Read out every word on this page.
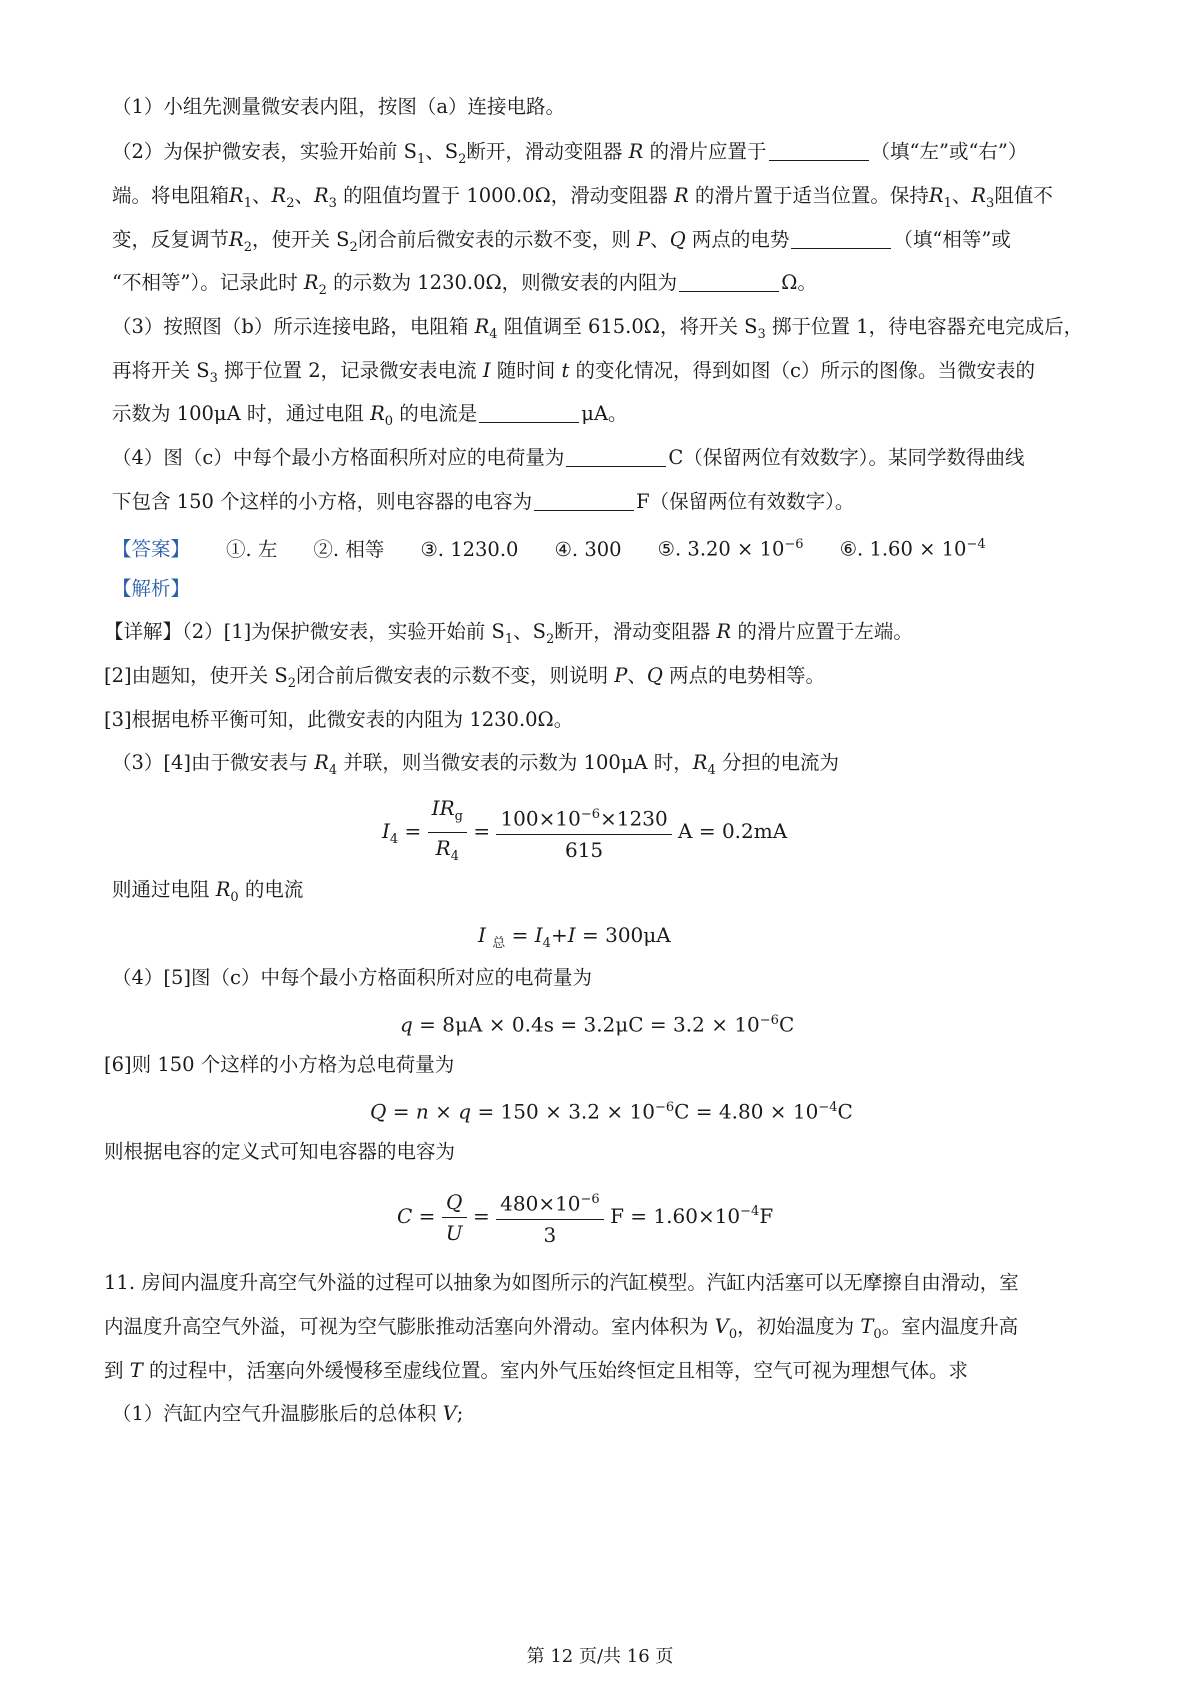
（1）小组先测量微安表内阻，按图（a）连接电路。
（2）为保护微安表，实验开始前 $S_1$、$S_2$断开，滑动变阻器 R 的滑片应置于	（填“左”或“右”）
端。将电阻箱$R_1$、$R_2$、$R_3$ 的阻值均置于 1000.0Ω，滑动变阻器 R 的滑片置于适当位置。保持$R_1$、$R_3$阻值不
变，反复调节$R_2$，使开关 $S_2$闭合前后微安表的示数不变，则 P、Q 两点的电势	（填“相等”或
“不相等”）。记录此时 $R_2$ 的示数为 1230.0Ω，则微安表的内阻为	Ω。
（3）按照图（b）所示连接电路，电阻箱 $R_4$ 阻值调至 615.0Ω，将开关 $S_3$ 掷于位置 1，待电容器充电完成后，
再将开关 $S_3$ 掷于位置 2，记录微安表电流 I 随时间 t 的变化情况，得到如图（c）所示的图像。当微安表的
示数为 100μA 时，通过电阻 $R_0$ 的电流是	μA。
（4）图（c）中每个最小方格面积所对应的电荷量为	C（保留两位有效数字）。某同学数得曲线
下包含 150 个这样的小方格，则电容器的电容为	F（保留两位有效数字）。
【答案】 ①. 左 ②. 相等 ③. 1230.0 ④. 300 ⑤. $3.20 \times 10^{-6}$ ⑥. $1.60 \times 10^{-4}$
【解析】
【详解】（2）[1]为保护微安表，实验开始前 $S_1$、$S_2$断开，滑动变阻器 R 的滑片应置于左端。
[2]由题知，使开关 $S_2$闭合前后微安表的示数不变，则说明 P、Q 两点的电势相等。
[3]根据电桥平衡可知，此微安表的内阻为 1230.0Ω。
（3）[4]由于微安表与 $R_4$ 并联，则当微安表的示数为 100μA 时，$R_4$ 分担的电流为
$I_4 = \frac{IR_g}{R_4} = \frac{100\times 10^{-6}\times 1230}{615}$ A = 0.2mA
则通过电阻 $R_0$ 的电流
I $_总 = I_4+I = 300\mu A$
（4）[5]图（c）中每个最小方格面积所对应的电荷量为
$q = 8\mu A \times 0.4s = 3.2\mu C = 3.2 \times 10^{-6}C$
[6]则 150 个这样的小方格为总电荷量为
$Q = n \times q = 150 \times 3.2 \times 10^{-6}C = 4.80 \times 10^{-4}C$
则根据电容的定义式可知电容器的电容为
$C = \frac{Q}{U} = \frac{480\times 10^{-6}}{3}$ $F = 1.60\times 10^{-4}F$
11. 房间内温度升高空气外溢的过程可以抽象为如图所示的汽缸模型。汽缸内活塞可以无摩擦自由滑动，室
内温度升高空气外溢，可视为空气膨胀推动活塞向外滑动。室内体积为 $V_0$，初始温度为 $T_0$。室内温度升高
到 T 的过程中，活塞向外缓慢移至虚线位置。室内外气压始终恒定且相等，空气可视为理想气体。求
（1）汽缸内空气升温膨胀后的总体积 V;
第 12 页/共 16 页
